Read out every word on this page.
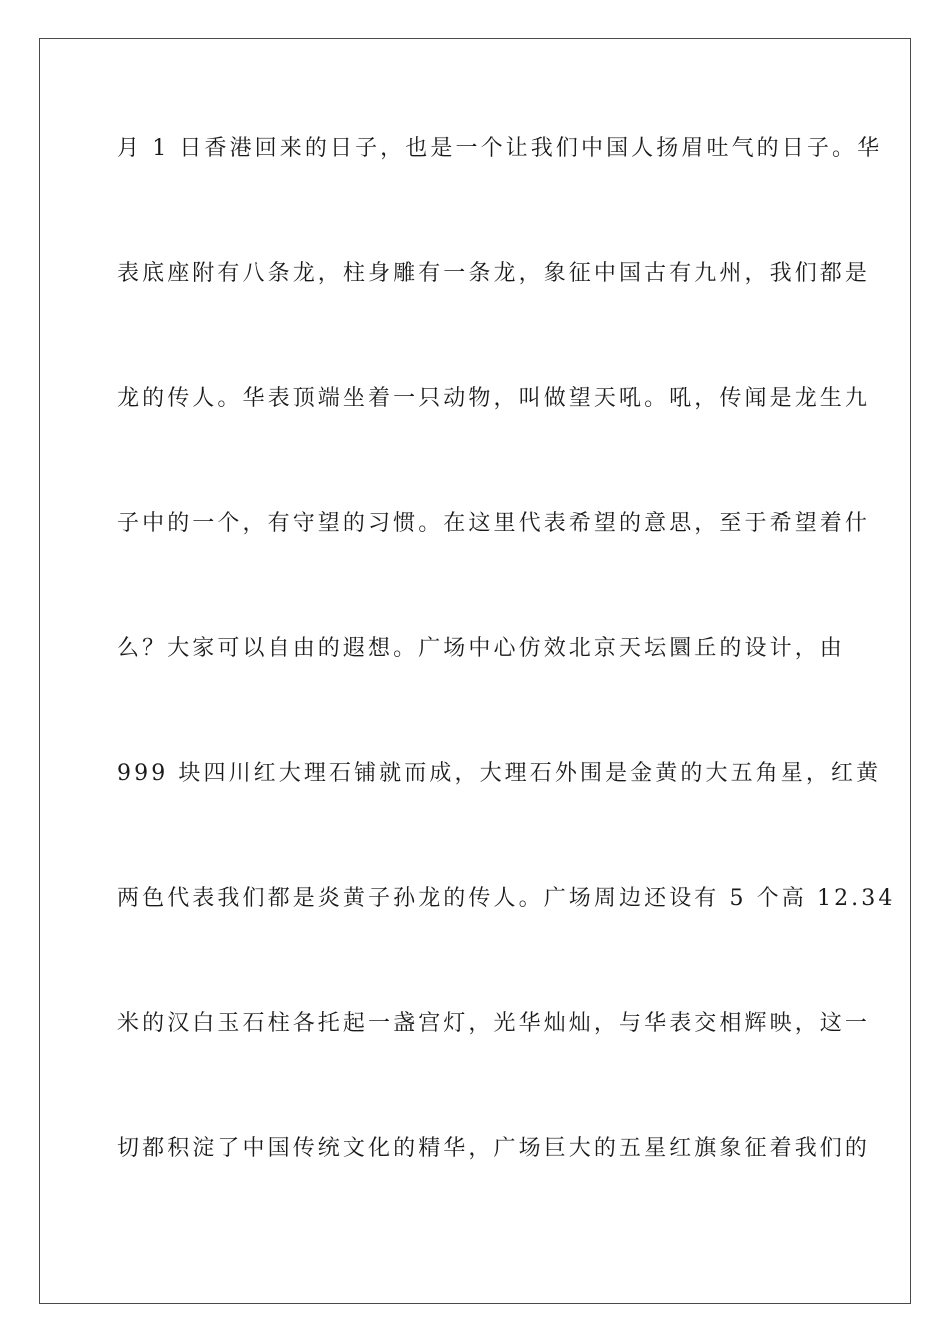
月 1 日香港回来的日子，也是一个让我们中国人扬眉吐气的日子。华
表底座附有八条龙，柱身雕有一条龙，象征中国古有九州，我们都是
龙的传人。华表顶端坐着一只动物，叫做望天吼。吼，传闻是龙生九
子中的一个，有守望的习惯。在这里代表希望的意思，至于希望着什
么？大家可以自由的遐想。广场中心仿效北京天坛圜丘的设计，由
999 块四川红大理石铺就而成，大理石外围是金黄的大五角星，红黄
两色代表我们都是炎黄子孙龙的传人。广场周边还设有 5 个高 12.34
米的汉白玉石柱各托起一盏宫灯，光华灿灿，与华表交相辉映，这一
切都积淀了中国传统文化的精华，广场巨大的五星红旗象征着我们的
